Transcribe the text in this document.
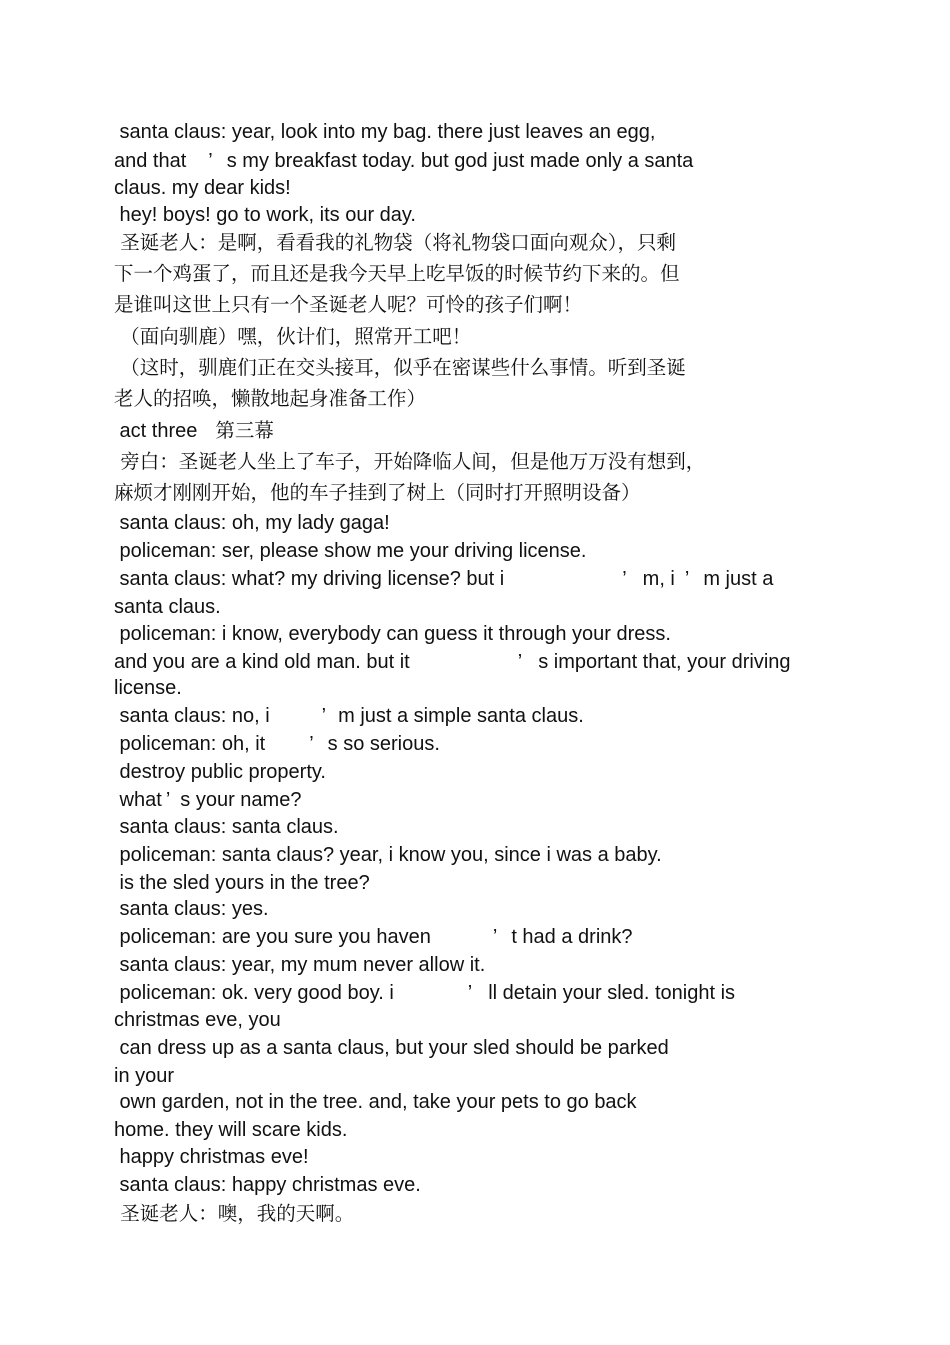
santa claus: year, look into my bag. there just leaves an egg,
and that ’ s my breakfast today. but god just made only a santa
claus. my dear kids!
hey! boys! go to work, its our day.
圣诞老人：是啊，看看我的礼物袋（将礼物袋口面向观众），只剩
下一个鸡蛋了，而且还是我今天早上吃早饭的时候节约下来的。但
是谁叫这世上只有一个圣诞老人呢？可怜的孩子们啊！
（面向驯鹿）嘿，伙计们，照常开工吧！
（这时，驯鹿们正在交头接耳，似乎在密谋些什么事情。听到圣诞
老人的招唤，懒散地起身准备工作）
act three 第三幕
旁白：圣诞老人坐上了车子，开始降临人间，但是他万万没有想到，
麻烦才刚刚开始，他的车子挂到了树上（同时打开照明设备）
santa claus: oh, my lady gaga!
policeman: ser, please show me your driving license.
santa claus: what? my driving license? but i	’ m, i ’ m just a
santa claus.
policeman: i know, everybody can guess it through your dress.
and you are a kind old man. but it	’ s important that, your driving
license.
santa claus: no, i	’ m just a simple santa claus.
policeman: oh, it ’ s so serious.
destroy public property.
what ’ s your name?
santa claus: santa claus.
policeman: santa claus? year, i know you, since i was a baby.
is the sled yours in the tree?
santa claus: yes.
policeman: are you sure you haven	’ t had a drink?
santa claus: year, my mum never allow it.
policeman: ok. very good boy. i	’ ll detain your sled. tonight is
christmas eve, you
can dress up as a santa claus, but your sled should be parked
in your
own garden, not in the tree. and, take your pets to go back
home. they will scare kids.
happy christmas eve!
santa claus: happy christmas eve.
圣诞老人：噢，我的天啊。
